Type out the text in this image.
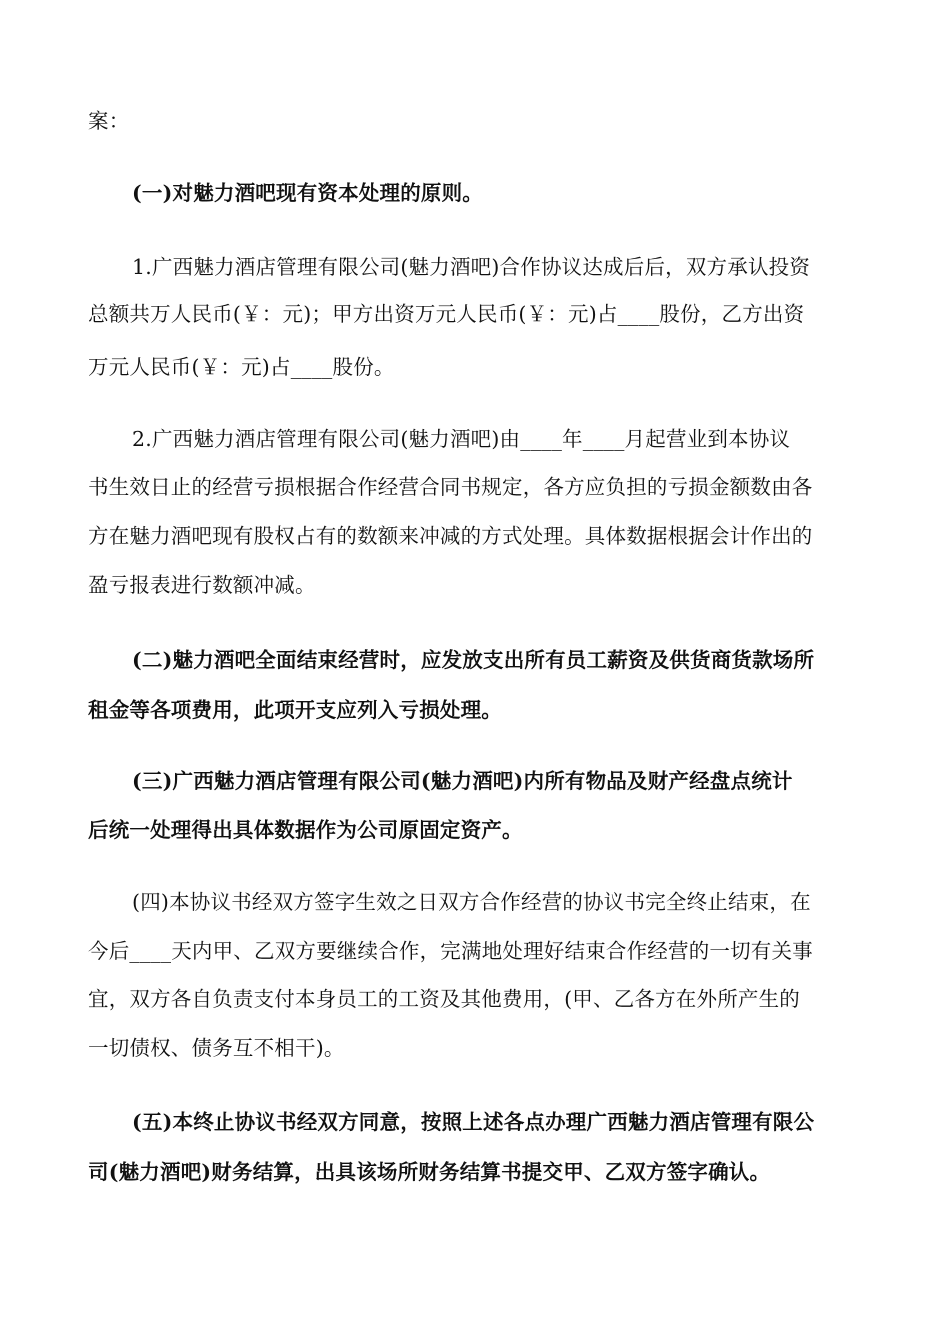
案：
(一)对魅力酒吧现有资本处理的原则。
1.广西魅力酒店管理有限公司(魅力酒吧)合作协议达成后后，双方承认投资
总额共万人民币(￥：元)；甲方出资万元人民币(￥：元)占____股份，乙方出资
万元人民币(￥：元)占____股份。
2.广西魅力酒店管理有限公司(魅力酒吧)由____年____月起营业到本协议
书生效日止的经营亏损根据合作经营合同书规定，各方应负担的亏损金额数由各
方在魅力酒吧现有股权占有的数额来冲减的方式处理。具体数据根据会计作出的
盈亏报表进行数额冲减。
(二)魅力酒吧全面结束经营时，应发放支出所有员工薪资及供货商货款场所
租金等各项费用，此项开支应列入亏损处理。
(三)广西魅力酒店管理有限公司(魅力酒吧)内所有物品及财产经盘点统计
后统一处理得出具体数据作为公司原固定资产。
(四)本协议书经双方签字生效之日双方合作经营的协议书完全终止结束，在
今后____天内甲、乙双方要继续合作，完满地处理好结束合作经营的一切有关事
宜，双方各自负责支付本身员工的工资及其他费用，(甲、乙各方在外所产生的
一切债权、债务互不相干)。
(五)本终止协议书经双方同意，按照上述各点办理广西魅力酒店管理有限公
司(魅力酒吧)财务结算，出具该场所财务结算书提交甲、乙双方签字确认。
